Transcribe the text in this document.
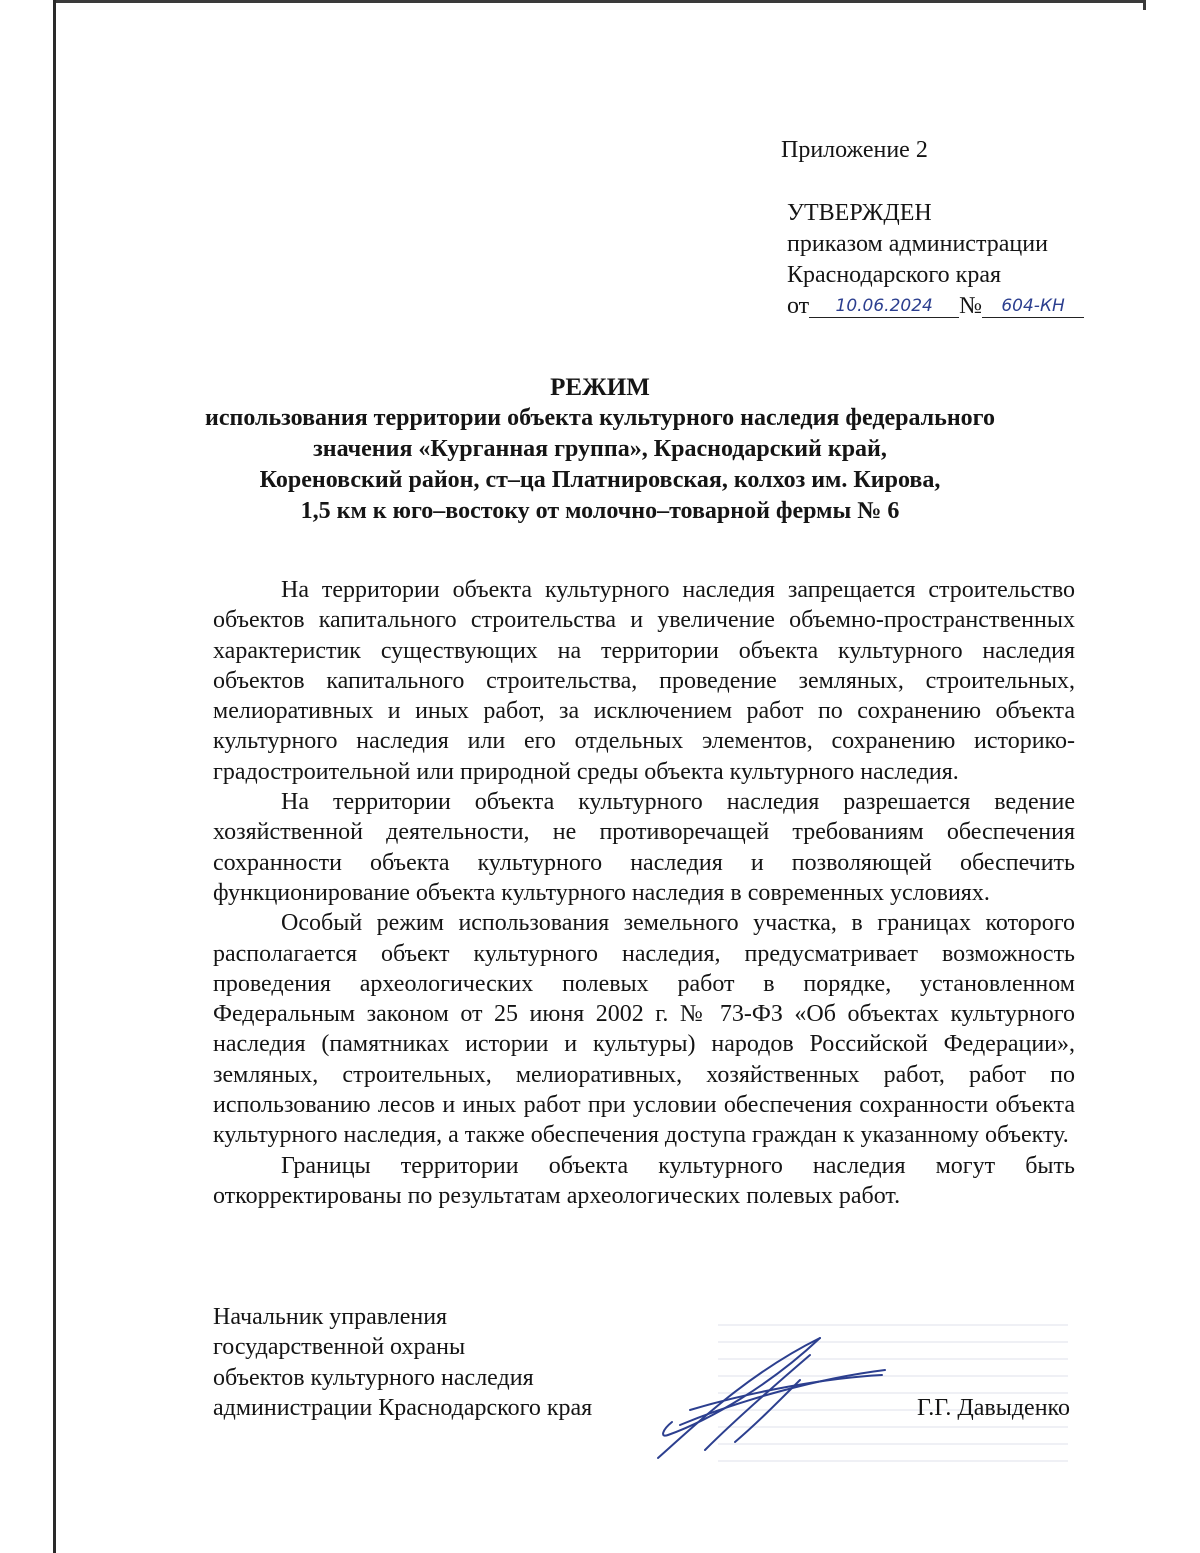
Приложение 2
УТВЕРЖДЕН
приказом администрации
Краснодарского края
от 10.06.2024 № 604-КН
РЕЖИМ
использования территории объекта культурного наследия федерального
значения «Курганная группа», Краснодарский край,
Кореновский район, ст–ца Платнировская, колхоз им. Кирова,
1,5 км к юго–востоку от молочно–товарной фермы № 6

На территории объекта культурного наследия запрещается строительство объектов капитального строительства и увеличение объемно-пространственных характеристик существующих на территории объекта культурного наследия объектов капитального строительства, проведение земляных, строительных, мелиоративных и иных работ, за исключением работ по сохранению объекта культурного наследия или его отдельных элементов, сохранению историко-градостроительной или природной среды объекта культурного наследия.

На территории объекта культурного наследия разрешается ведение хозяйственной деятельности, не противоречащей требованиям обеспечения сохранности объекта культурного наследия и позволяющей обеспечить функционирование объекта культурного наследия в современных условиях.

Особый режим использования земельного участка, в границах которого располагается объект культурного наследия, предусматривает возможность проведения археологических полевых работ в порядке, установленном Федеральным законом от 25 июня 2002 г. № 73-ФЗ «Об объектах культурного наследия (памятниках истории и культуры) народов Российской Федерации», земляных, строительных, мелиоративных, хозяйственных работ, работ по использованию лесов и иных работ при условии обеспечения сохранности объекта культурного наследия, а также обеспечения доступа граждан к указанному объекту.

Границы территории объекта культурного наследия могут быть откорректированы по результатам археологических полевых работ.

Начальник управления
государственной охраны
объектов культурного наследия
администрации Краснодарского края	Г.Г. Давыденко
